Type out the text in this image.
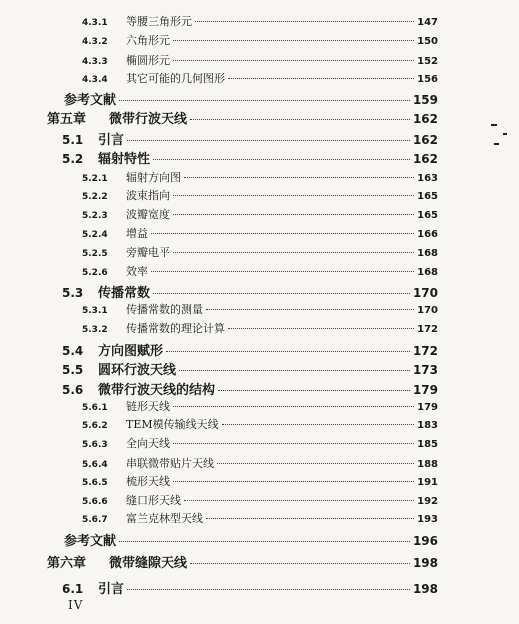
4.3.1	等腰三角形元	147
4.3.2	六角形元	150
4.3.3	椭圆形元	152
4.3.4	其它可能的几何图形	156
参考文献	159
第五章	微带行波天线	162
5.1	引言	162
5.2	辐射特性	162
5.2.1	辐射方向图	163
5.2.2	波束指向	165
5.2.3	波瓣宽度	165
5.2.4	增益	166
5.2.5	旁瓣电平	168
5.2.6	效率	168
5.3	传播常数	170
5.3.1	传播常数的测量	170
5.3.2	传播常数的理论计算	172
5.4	方向图赋形	172
5.5	圆环行波天线	173
5.6	微带行波天线的结构	179
5.6.1	链形天线	179
5.6.2	TEM模传输线天线	183
5.6.3	全向天线	185
5.6.4	串联微带贴片天线	188
5.6.5	梳形天线	191
5.6.6	缝口形天线	192
5.6.7	富兰克林型天线	193
参考文献	196
第六章	微带缝隙天线	198
6.1	引言	198
IV
